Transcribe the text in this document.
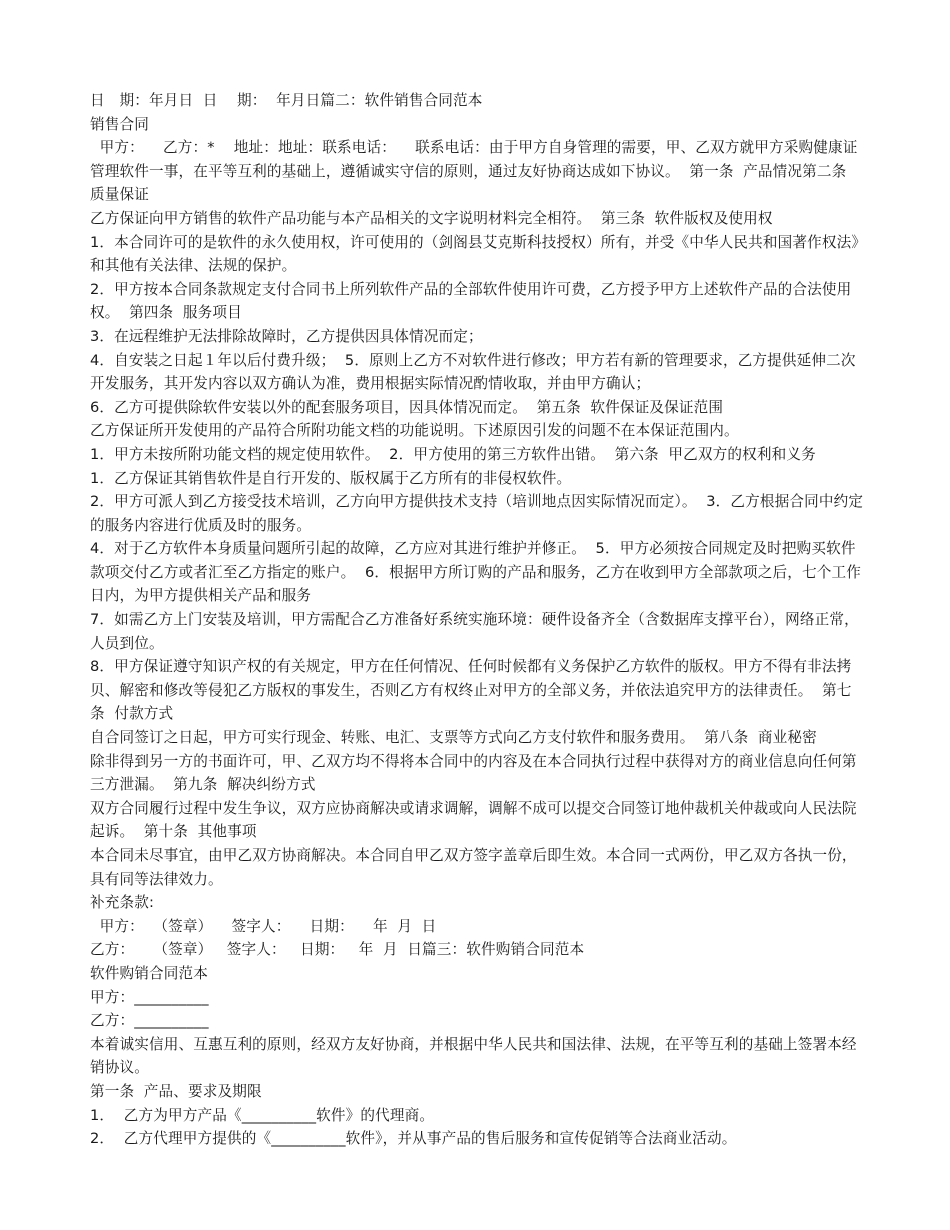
日　期：年月日  日　 期：  年月日篇二：软件销售合同范本
销售合同
甲方：    乙方：*    地址：地址：联系电话：    联系电话：由于甲方自身管理的需要，甲、乙双方就甲方采购健康证管理软件一事，在平等互利的基础上，遵循诚实守信的原则，通过友好协商达成如下协议。  第一条  产品情况第二条  质量保证
乙方保证向甲方销售的软件产品功能与本产品相关的文字说明材料完全相符。  第三条  软件版权及使用权
1．本合同许可的是软件的永久使用权，许可使用的（剑阁县艾克斯科技授权）所有，并受《中华人民共和国著作权法》和其他有关法律、法规的保护。
2．甲方按本合同条款规定支付合同书上所列软件产品的全部软件使用许可费，乙方授予甲方上述软件产品的合法使用权。  第四条  服务项目
3．在远程维护无法排除故障时，乙方提供因具体情况而定；
4．自安装之日起１年以后付费升级；  5．原则上乙方不对软件进行修改；甲方若有新的管理要求，乙方提供延伸二次开发服务，其开发内容以双方确认为准，费用根据实际情况酌情收取，并由甲方确认；
6．乙方可提供除软件安装以外的配套服务项目，因具体情况而定。  第五条  软件保证及保证范围
乙方保证所开发使用的产品符合所附功能文档的功能说明。下述原因引发的问题不在本保证范围内。
1．甲方未按所附功能文档的规定使用软件。  2．甲方使用的第三方软件出错。  第六条  甲乙双方的权利和义务
1．乙方保证其销售软件是自行开发的、版权属于乙方所有的非侵权软件。
2．甲方可派人到乙方接受技术培训，乙方向甲方提供技术支持（培训地点因实际情况而定）。  3．乙方根据合同中约定的服务内容进行优质及时的服务。
4．对于乙方软件本身质量问题所引起的故障，乙方应对其进行维护并修正。  5．甲方必须按合同规定及时把购买软件款项交付乙方或者汇至乙方指定的账户。  6．根据甲方所订购的产品和服务，乙方在收到甲方全部款项之后，七个工作日内，为甲方提供相关产品和服务
7．如需乙方上门安装及培训，甲方需配合乙方准备好系统实施环境：硬件设备齐全（含数据库支撑平台），网络正常，人员到位。
8．甲方保证遵守知识产权的有关规定，甲方在任何情况、任何时候都有义务保护乙方软件的版权。甲方不得有非法拷贝、解密和修改等侵犯乙方版权的事发生，否则乙方有权终止对甲方的全部义务，并依法追究甲方的法律责任。  第七条  付款方式
自合同签订之日起，甲方可实行现金、转账、电汇、支票等方式向乙方支付软件和服务费用。  第八条  商业秘密
除非得到另一方的书面许可，甲、乙双方均不得将本合同中的内容及在本合同执行过程中获得对方的商业信息向任何第三方泄漏。  第九条  解决纠纷方式
双方合同履行过程中发生争议，双方应协商解决或请求调解，调解不成可以提交合同签订地仲裁机关仲裁或向人民法院起诉。  第十条  其他事项
本合同未尽事宜，由甲乙双方协商解决。本合同自甲乙双方签字盖章后即生效。本合同一式两份，甲乙双方各执一份，具有同等法律效力。
补充条款:
甲方：  （签章）    签字人：    日期：    年  月  日
乙方：    （签章）   签字人：   日期：   年  月  日篇三：软件购销合同范本
软件购销合同范本
甲方：__________
乙方：__________
本着诚实信用、互惠互利的原则，经双方友好协商，并根据中华人民共和国法律、法规，在平等互利的基础上签署本经销协议。
第一条  产品、要求及期限
1．  乙方为甲方产品《__________软件》的代理商。
2．  乙方代理甲方提供的《__________软件》，并从事产品的售后服务和宣传促销等合法商业活动。
